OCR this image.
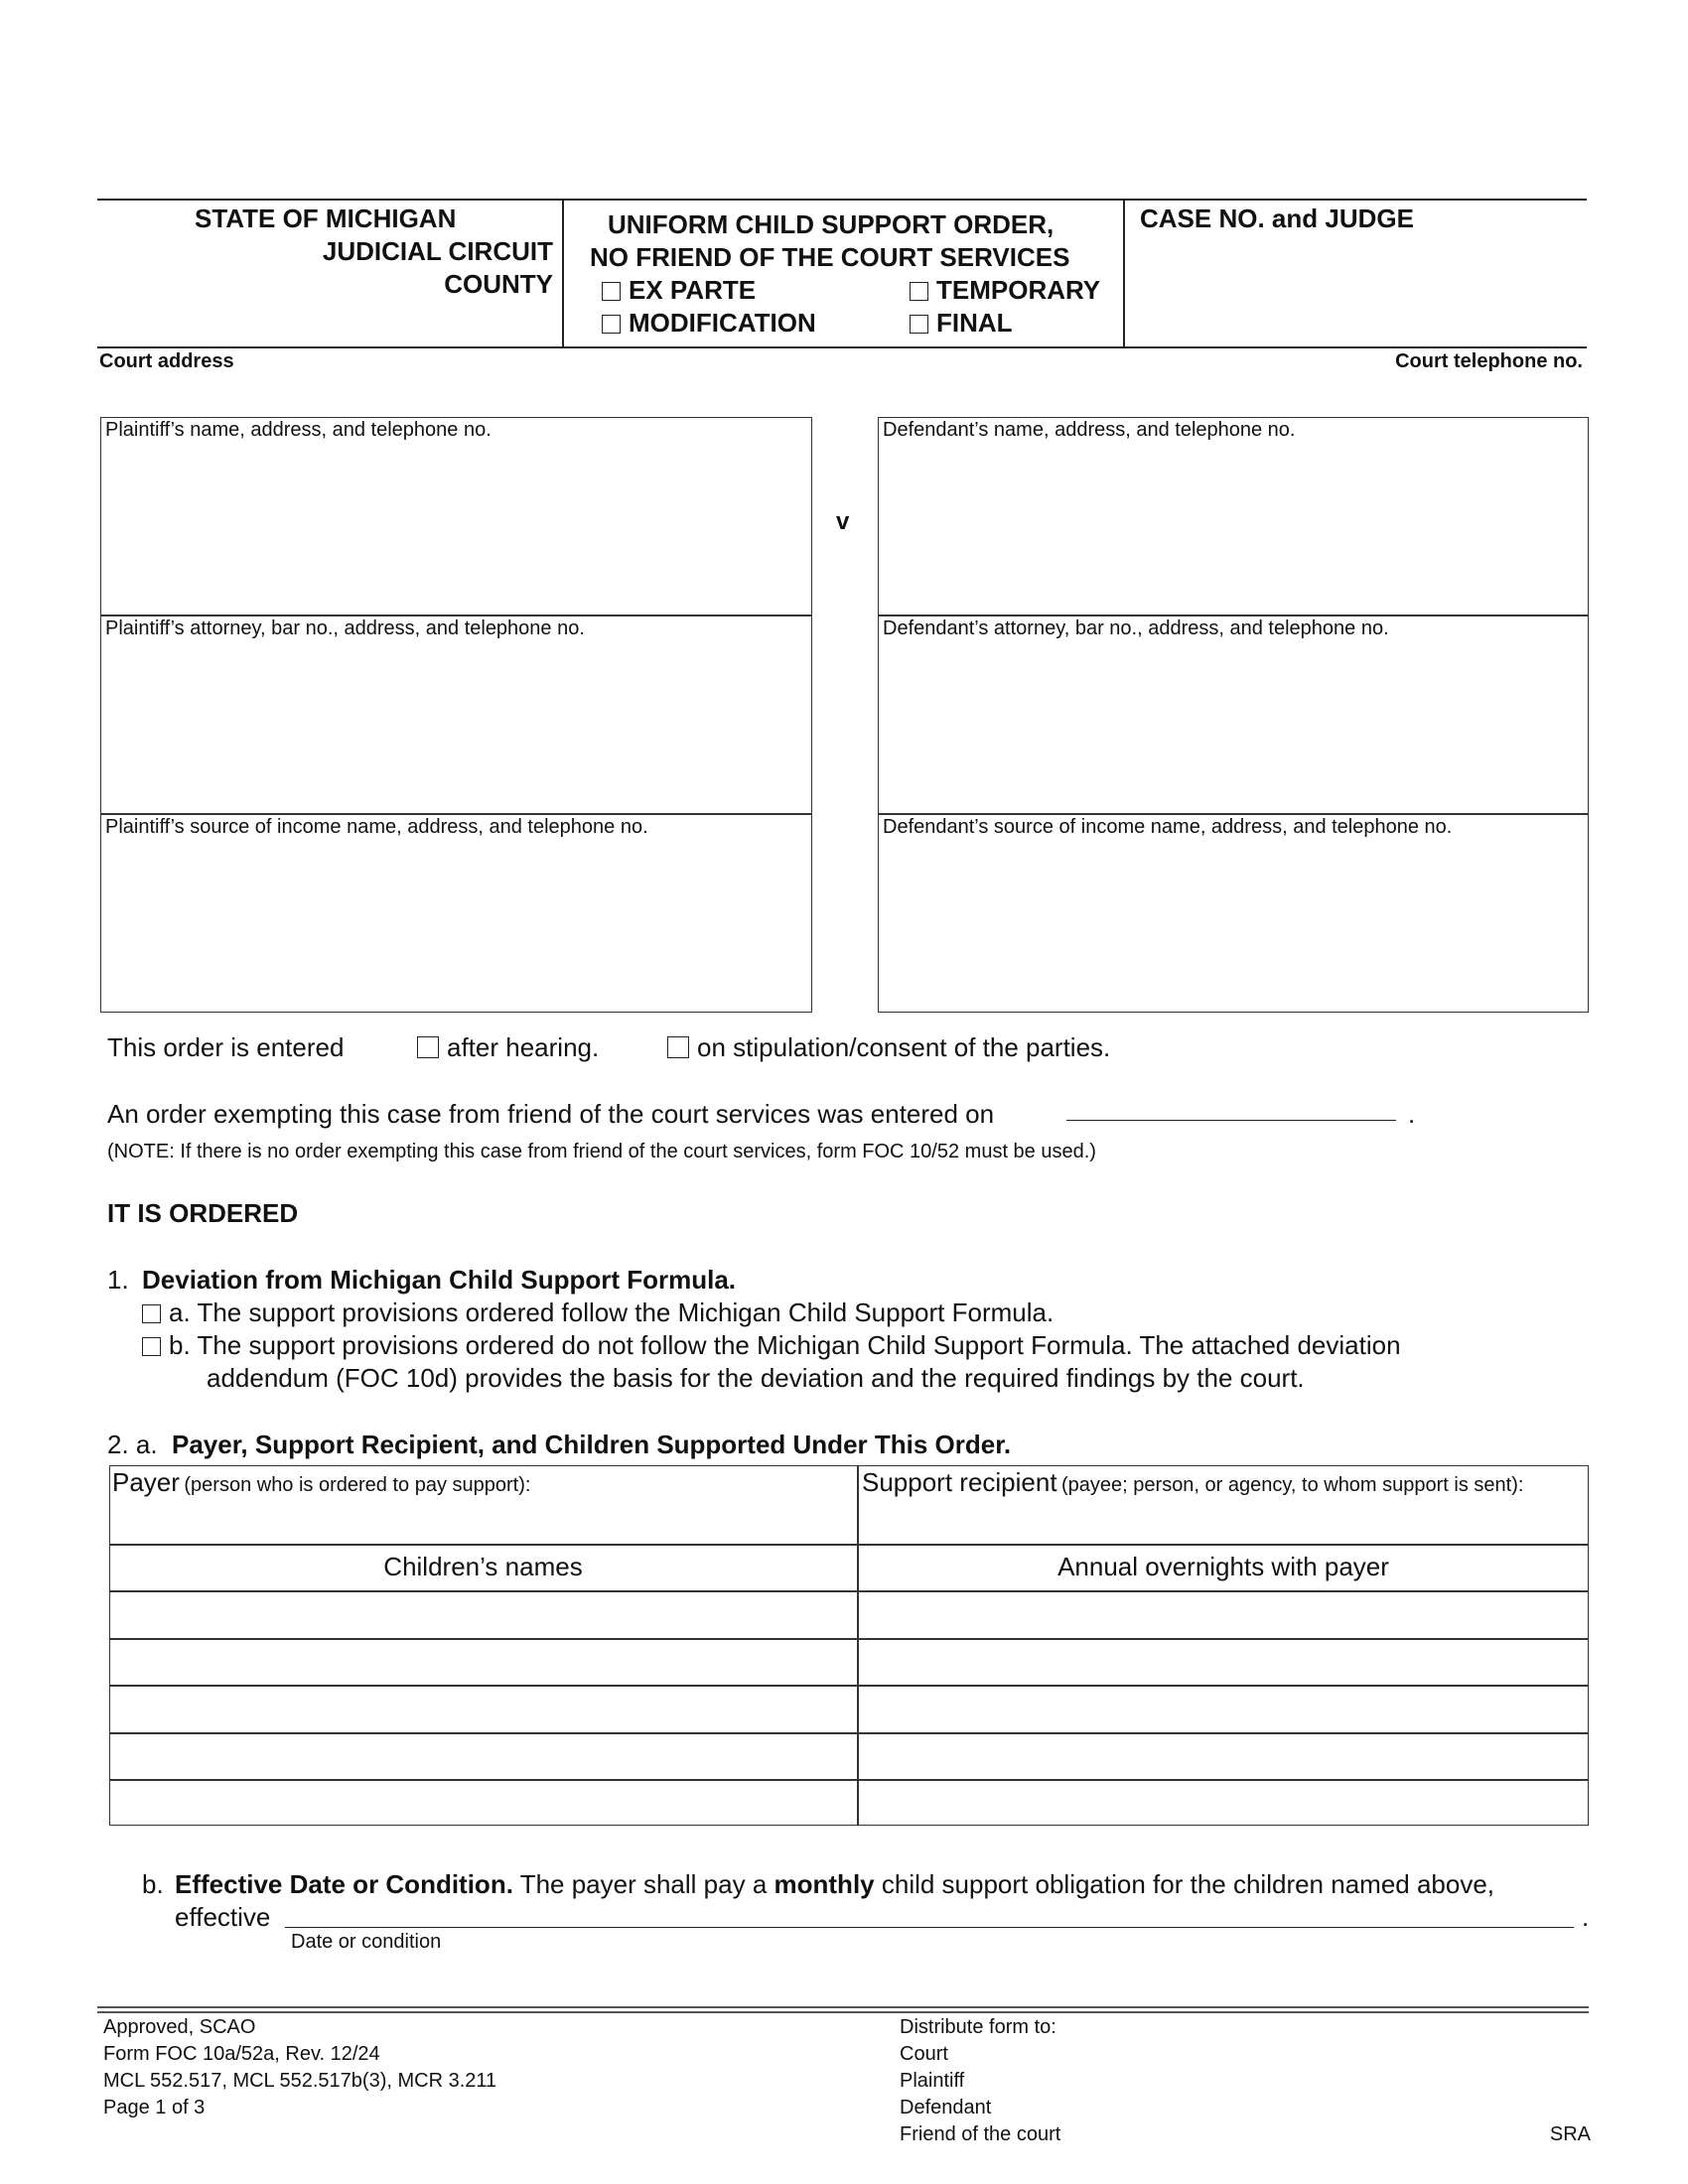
STATE OF MICHIGAN
JUDICIAL CIRCUIT
COUNTY
UNIFORM CHILD SUPPORT ORDER,
NO FRIEND OF THE COURT SERVICES
EX PARTE	TEMPORARY
MODIFICATION	FINAL
CASE NO. and JUDGE
Court address	Court telephone no.
Plaintiff’s name, address, and telephone no.
Plaintiff’s attorney, bar no., address, and telephone no.
Plaintiff’s source of income name, address, and telephone no.
v
Defendant’s name, address, and telephone no.
Defendant’s attorney, bar no., address, and telephone no.
Defendant’s source of income name, address, and telephone no.
This order is entered	after hearing.	on stipulation/consent of the parties.
An order exempting this case from friend of the court services was entered on	.
(NOTE: If there is no order exempting this case from friend of the court services, form FOC 10/52 must be used.)
IT IS ORDERED
1. Deviation from Michigan Child Support Formula.
a. The support provisions ordered follow the Michigan Child Support Formula.
b. The support provisions ordered do not follow the Michigan Child Support Formula. The attached deviation
addendum (FOC 10d) provides the basis for the deviation and the required findings by the court.
2. a. Payer, Support Recipient, and Children Supported Under This Order.
Payer (person who is ordered to pay support):	Support recipient (payee; person, or agency, to whom support is sent):
Children’s names	Annual overnights with payer
b. Effective Date or Condition. The payer shall pay a monthly child support obligation for the children named above,
effective	.
Date or condition
Approved, SCAO
Form FOC 10a/52a, Rev. 12/24
MCL 552.517, MCL 552.517b(3), MCR 3.211
Page 1 of 3
Distribute form to:
Court
Plaintiff
Defendant
Friend of the court	SRA
